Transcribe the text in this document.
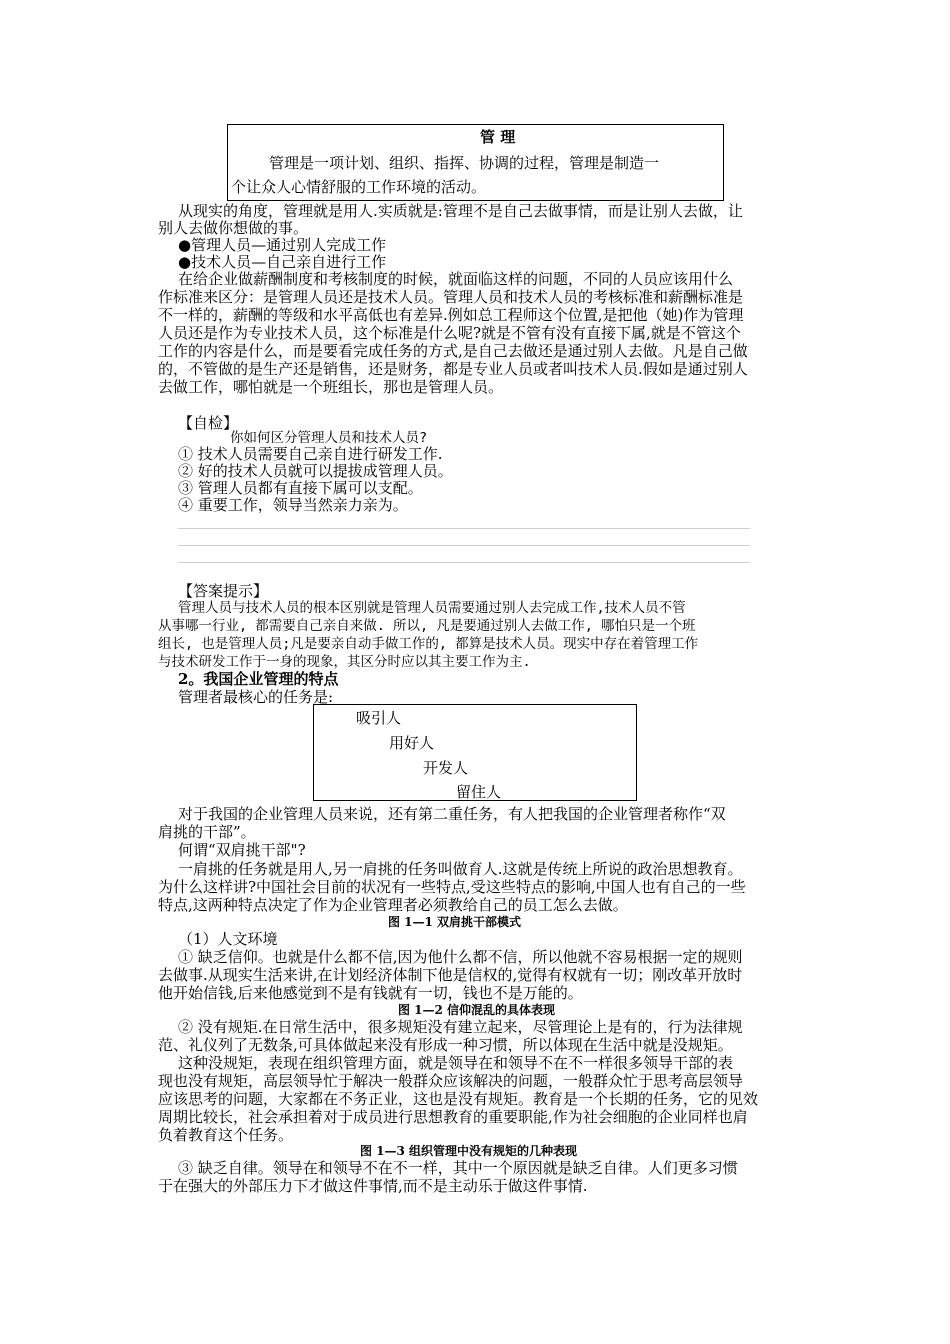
管 理
管理是一项计划、组织、指挥、协调的过程，管理是制造一
个让众人心情舒服的工作环境的活动。
从现实的角度，管理就是用人.实质就是:管理不是自己去做事情，而是让别人去做，让
别人去做你想做的事。
●管理人员—通过别人完成工作
●技术人员—自己亲自进行工作
在给企业做薪酬制度和考核制度的时候，就面临这样的问题，不同的人员应该用什么
作标准来区分：是管理人员还是技术人员。管理人员和技术人员的考核标准和薪酬标准是
不一样的，薪酬的等级和水平高低也有差异.例如总工程师这个位置,是把他（她)作为管理
人员还是作为专业技术人员，这个标准是什么呢?就是不管有没有直接下属,就是不管这个
工作的内容是什么，而是要看完成任务的方式,是自己去做还是通过别人去做。凡是自己做
的，不管做的是生产还是销售，还是财务，都是专业人员或者叫技术人员.假如是通过别人
去做工作，哪怕就是一个班组长，那也是管理人员。
【自检】
你如何区分管理人员和技术人员?
① 技术人员需要自己亲自进行研发工作.
② 好的技术人员就可以提拔成管理人员。
③ 管理人员都有直接下属可以支配。
④ 重要工作，领导当然亲力亲为。
【答案提示】
管理人员与技术人员的根本区别就是管理人员需要通过别人去完成工作,技术人员不管
从事哪一行业, 都需要自己亲自来做. 所以, 凡是要通过别人去做工作, 哪怕只是一个班
组长, 也是管理人员;凡是要亲自动手做工作的, 都算是技术人员。现实中存在着管理工作
与技术研发工作于一身的现象，其区分时应以其主要工作为主.
2。我国企业管理的特点
管理者最核心的任务是:
吸引人
用好人
开发人
留住人
对于我国的企业管理人员来说，还有第二重任务，有人把我国的企业管理者称作“双
肩挑的干部”。
何谓“双肩挑干部"?
一肩挑的任务就是用人,另一肩挑的任务叫做育人.这就是传统上所说的政治思想教育。
为什么这样讲?中国社会目前的状况有一些特点,受这些特点的影响,中国人也有自己的一些
特点,这两种特点决定了作为企业管理者必须教给自己的员工怎么去做。
图 1—1 双肩挑干部模式
（1）人文环境
① 缺乏信仰。也就是什么都不信,因为他什么都不信，所以他就不容易根据一定的规则
去做事.从现实生活来讲,在计划经济体制下他是信权的,觉得有权就有一切；刚改革开放时
他开始信钱,后来他感觉到不是有钱就有一切，钱也不是万能的。
图 1—2 信仰混乱的具体表现
② 没有规矩.在日常生活中，很多规矩没有建立起来，尽管理论上是有的，行为法律规
范、礼仪列了无数条,可具体做起来没有形成一种习惯，所以体现在生活中就是没规矩。
这种没规矩，表现在组织管理方面，就是领导在和领导不在不一样很多领导干部的表
现也没有规矩，高层领导忙于解决一般群众应该解决的问题，一般群众忙于思考高层领导
应该思考的问题，大家都在不务正业，这也是没有规矩。教育是一个长期的任务，它的见效
周期比较长，社会承担着对于成员进行思想教育的重要职能,作为社会细胞的企业同样也肩
负着教育这个任务。
图 1—3 组织管理中没有规矩的几种表现
③ 缺乏自律。领导在和领导不在不一样，其中一个原因就是缺乏自律。人们更多习惯
于在强大的外部压力下才做这件事情,而不是主动乐于做这件事情.
